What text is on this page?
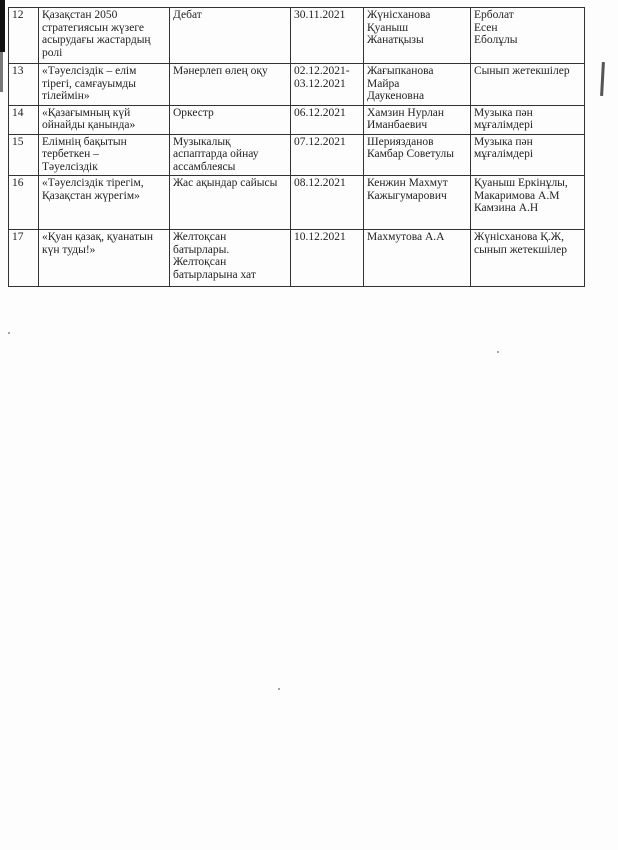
12	Қазақстан 2050
стратегиясын жүзеге
асырудағы жастардың
ролі	Дебат	30.11.2021	Жүнісханова
Қуаныш
Жанатқызы	Ерболат
Есен
Еболұлы
13	«Тәуелсіздік – елім
тірегі, самғауымды
тілеймін»	Мәнерлеп өлең оқу	02.12.2021-
03.12.2021	Жағыпканова
Майра
Даукеновна	Сынып жетекшілер
14	«Қазағымның күй
ойнайды қанында»	Оркестр	06.12.2021	Хамзин Нурлан
Иманбаевич	Музыка пән
мұғалімдері
15	Елімнің бақытын
тербеткен –
Тәуелсіздік	Музыкалық
аспаптарда ойнау
ассамблеясы	07.12.2021	Шериязданов
Камбар Советулы	Музыка пән
мұғалімдері
16	«Тәуелсіздік тірегім,
Қазақстан жүрегім»	Жас ақындар сайысы	08.12.2021	Кенжин Махмут
Кажыгумарович	Қуаныш Еркінұлы,
Макаримова А.М
Камзина А.Н
17	«Қуан қазақ, қуанатын
күн туды!»	Желтоқсан
батырлары.
Желтоқсан
батырларына хат	10.12.2021	Махмутова А.А	Жүнісханова Қ.Ж,
сынып жетекшілер
